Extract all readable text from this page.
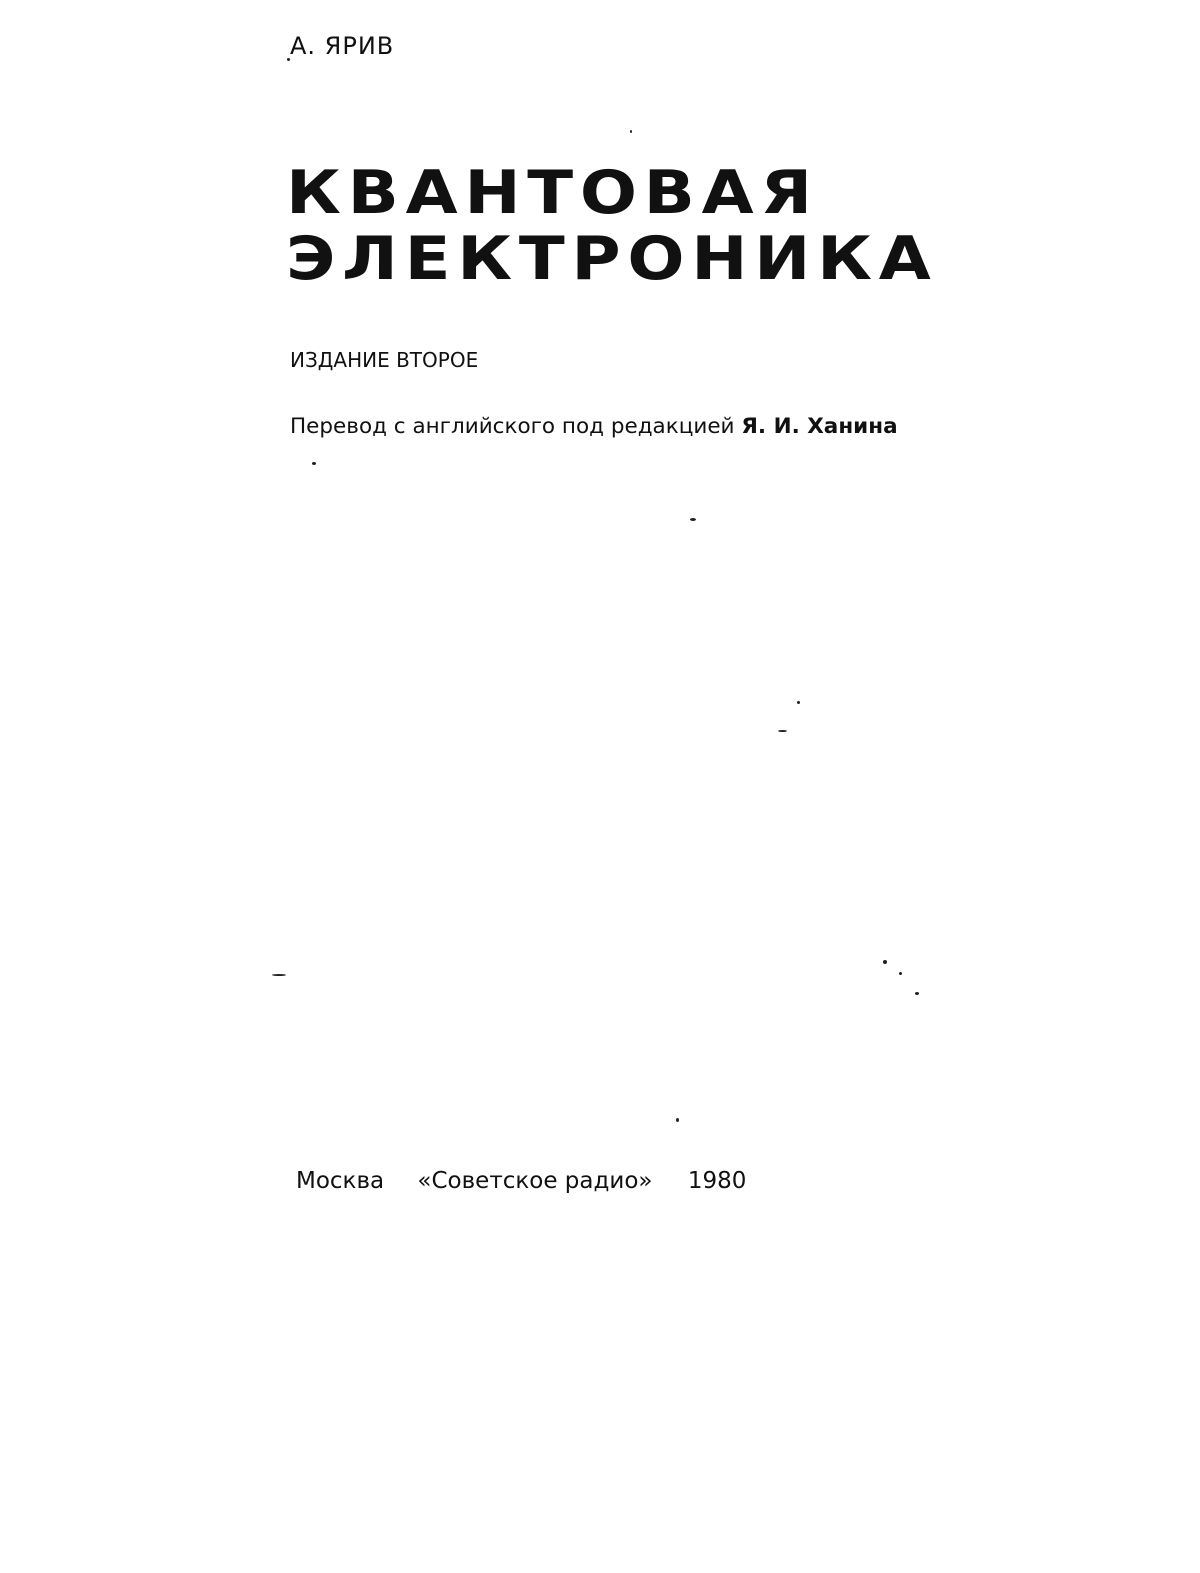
А. ЯРИВ
КВАНТОВАЯ
ЭЛЕКТРОНИКА
ИЗДАНИЕ ВТОРОЕ
Перевод с английского под редакцией Я. И. Ханина
Москва «Советское радио» 1980
